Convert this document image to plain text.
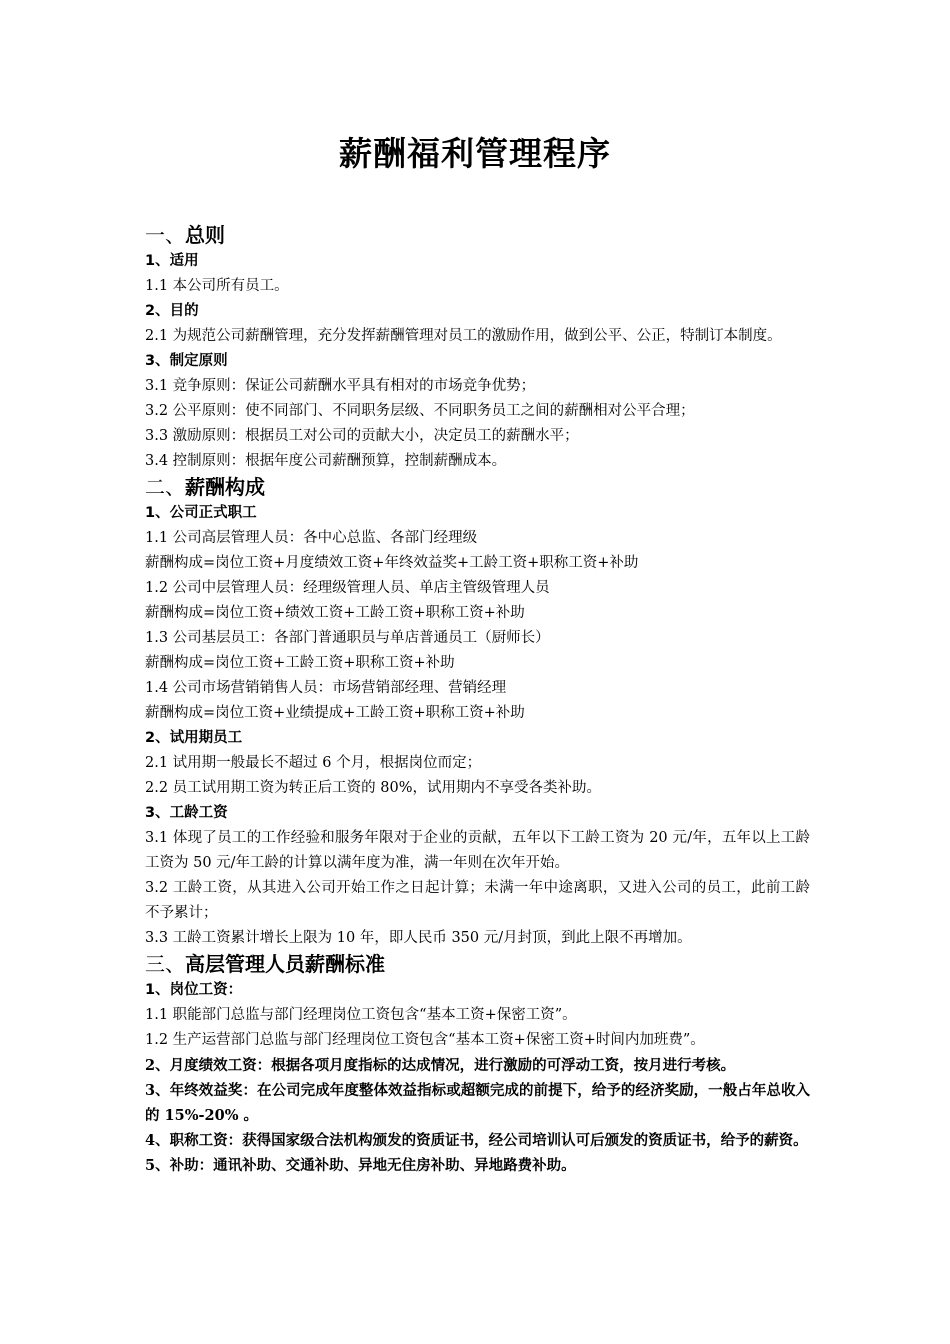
薪酬福利管理程序
一、总则
1、适用
1.1 本公司所有员工。
2、目的
2.1 为规范公司薪酬管理，充分发挥薪酬管理对员工的激励作用，做到公平、公正，特制订本制度。
3、制定原则
3.1 竞争原则：保证公司薪酬水平具有相对的市场竞争优势；
3.2 公平原则：使不同部门、不同职务层级、不同职务员工之间的薪酬相对公平合理；
3.3 激励原则：根据员工对公司的贡献大小，决定员工的薪酬水平；
3.4 控制原则：根据年度公司薪酬预算，控制薪酬成本。
二、薪酬构成
1、公司正式职工
1.1 公司高层管理人员：各中心总监、各部门经理级
薪酬构成=岗位工资+月度绩效工资+年终效益奖+工龄工资+职称工资+补助
1.2 公司中层管理人员：经理级管理人员、单店主管级管理人员
薪酬构成=岗位工资+绩效工资+工龄工资+职称工资+补助
1.3 公司基层员工：各部门普通职员与单店普通员工（厨师长）
薪酬构成=岗位工资+工龄工资+职称工资+补助
1.4 公司市场营销销售人员：市场营销部经理、营销经理
薪酬构成=岗位工资+业绩提成+工龄工资+职称工资+补助
2、试用期员工
2.1 试用期一般最长不超过 6 个月，根据岗位而定；
2.2 员工试用期工资为转正后工资的 80%，试用期内不享受各类补助。
3、工龄工资
3.1 体现了员工的工作经验和服务年限对于企业的贡献，五年以下工龄工资为 20 元/年，五年以上工龄工资为 50 元/年工龄的计算以满年度为准，满一年则在次年开始。
3.2 工龄工资，从其进入公司开始工作之日起计算；未满一年中途离职，又进入公司的员工，此前工龄不予累计；
3.3 工龄工资累计增长上限为 10 年，即人民币 350 元/月封顶，到此上限不再增加。
三、高层管理人员薪酬标准
1、岗位工资：
1.1 职能部门总监与部门经理岗位工资包含“基本工资+保密工资”。
1.2 生产运营部门总监与部门经理岗位工资包含“基本工资+保密工资+时间内加班费”。
2、月度绩效工资：根据各项月度指标的达成情况，进行激励的可浮动工资，按月进行考核。
3、年终效益奖：在公司完成年度整体效益指标或超额完成的前提下，给予的经济奖励，一般占年总收入的 15%-20% 。
4、职称工资：获得国家级合法机构颁发的资质证书，经公司培训认可后颁发的资质证书，给予的薪资。
5、补助：通讯补助、交通补助、异地无住房补助、异地路费补助。
